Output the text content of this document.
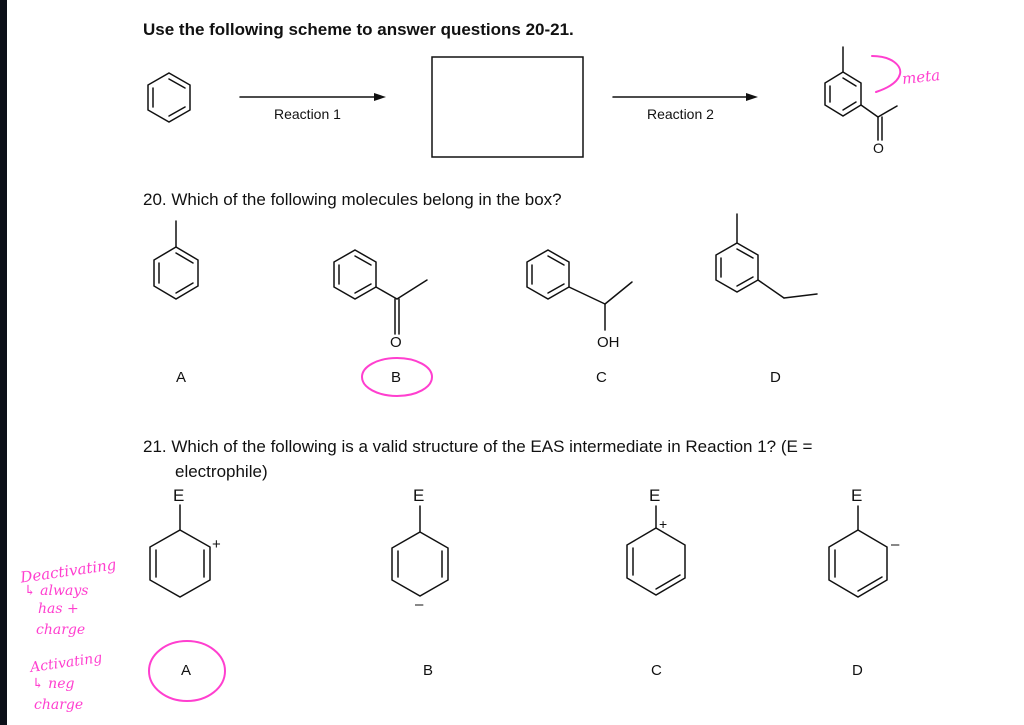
Use the following scheme to answer questions 20-21.
Reaction 1	Reaction 2
O
20. Which of the following molecules belong in the box?
O	OH
A	B	C	D
21. Which of the following is a valid structure of the EAS intermediate in Reaction 1? (E =
electrophile)
E	E	E	E
+
–
+
–
A	B	C	D
meta
Deactivating
↳ always
has +
charge
Activating
↳ neg
charge
